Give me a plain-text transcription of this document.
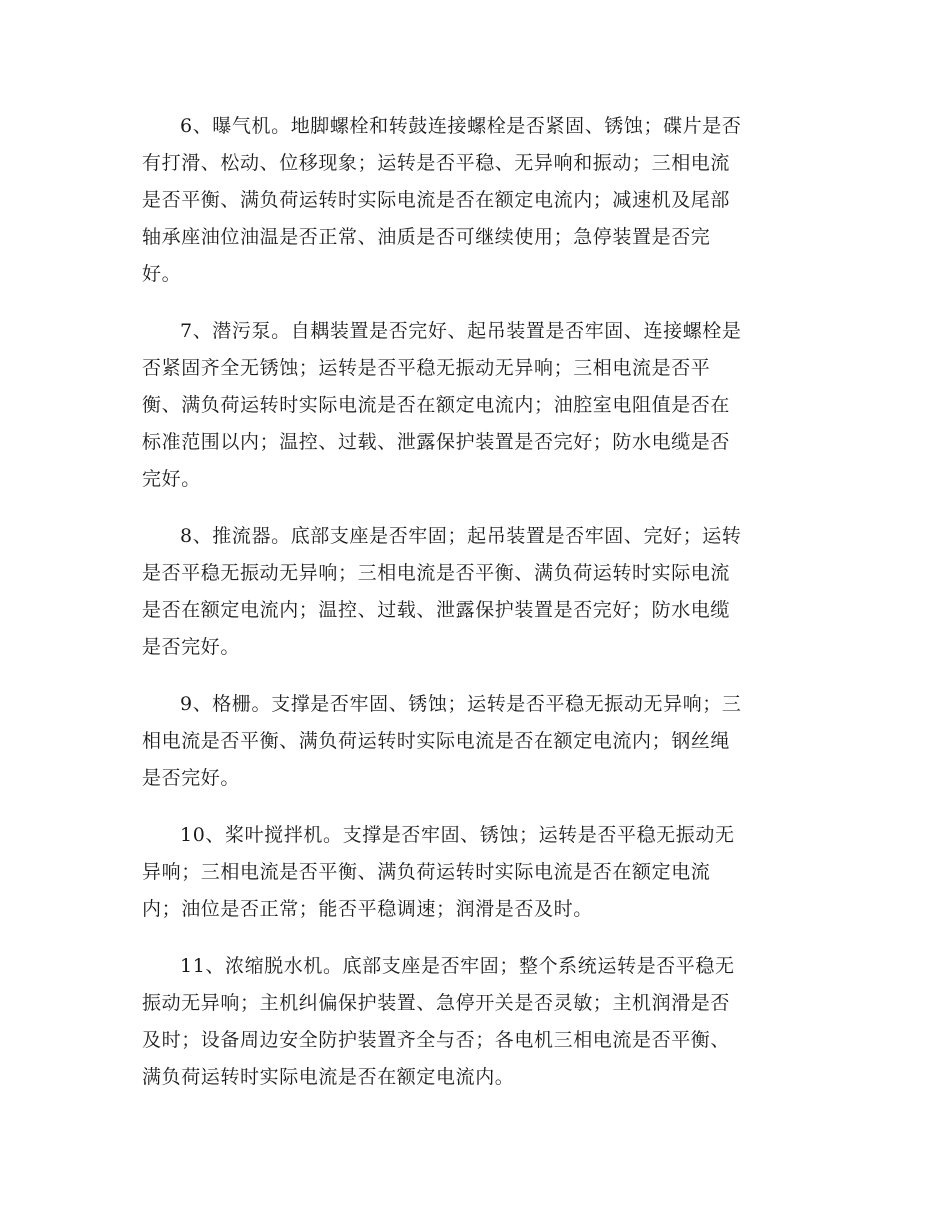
6、曝气机。地脚螺栓和转鼓连接螺栓是否紧固、锈蚀；碟片是否
有打滑、松动、位移现象；运转是否平稳、无异响和振动；三相电流
是否平衡、满负荷运转时实际电流是否在额定电流内；减速机及尾部
轴承座油位油温是否正常、油质是否可继续使用；急停装置是否完
好。
7、潜污泵。自耦装置是否完好、起吊装置是否牢固、连接螺栓是
否紧固齐全无锈蚀；运转是否平稳无振动无异响；三相电流是否平
衡、满负荷运转时实际电流是否在额定电流内；油腔室电阻值是否在
标准范围以内；温控、过载、泄露保护装置是否完好；防水电缆是否
完好。
8、推流器。底部支座是否牢固；起吊装置是否牢固、完好；运转
是否平稳无振动无异响；三相电流是否平衡、满负荷运转时实际电流
是否在额定电流内；温控、过载、泄露保护装置是否完好；防水电缆
是否完好。
9、格栅。支撑是否牢固、锈蚀；运转是否平稳无振动无异响；三
相电流是否平衡、满负荷运转时实际电流是否在额定电流内；钢丝绳
是否完好。
10、桨叶搅拌机。支撑是否牢固、锈蚀；运转是否平稳无振动无
异响；三相电流是否平衡、满负荷运转时实际电流是否在额定电流
内；油位是否正常；能否平稳调速；润滑是否及时。
11、浓缩脱水机。底部支座是否牢固；整个系统运转是否平稳无
振动无异响；主机纠偏保护装置、急停开关是否灵敏；主机润滑是否
及时；设备周边安全防护装置齐全与否；各电机三相电流是否平衡、
满负荷运转时实际电流是否在额定电流内。
